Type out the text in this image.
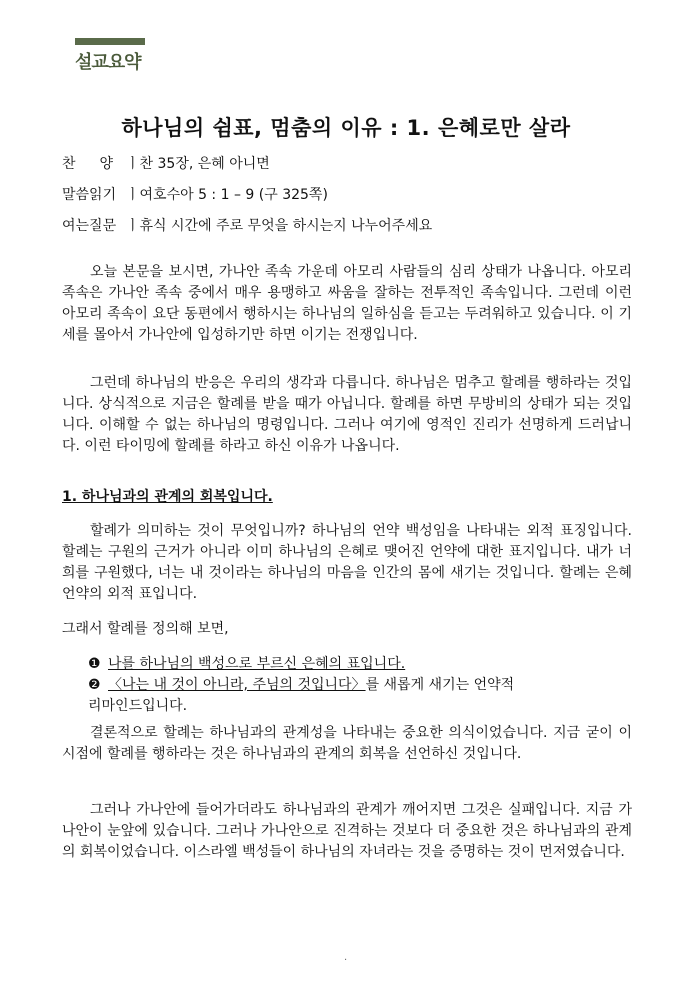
설교요약
하나님의 쉼표, 멈춤의 이유 : 1. 은혜로만 살라
찬양ㅣ찬 35장, 은혜 아니면
말씀읽기 ㅣ여호수아 5 : 1 – 9 (구 325쪽)
여는질문 ㅣ휴식 시간에 주로 무엇을 하시는지 나누어주세요
오늘 본문을 보시면, 가나안 족속 가운데 아모리 사람들의 심리 상태가 나옵니다. 아모리 족속은 가나안 족속 중에서 매우 용맹하고 싸움을 잘하는 전투적인 족속입니다. 그런데 이런 아모리 족속이 요단 동편에서 행하시는 하나님의 일하심을 듣고는 두려워하고 있습니다. 이 기세를 몰아서 가나안에 입성하기만 하면 이기는 전쟁입니다.
그런데 하나님의 반응은 우리의 생각과 다릅니다. 하나님은 멈추고 할례를 행하라는 것입니다. 상식적으로 지금은 할례를 받을 때가 아닙니다. 할례를 하면 무방비의 상태가 되는 것입니다. 이해할 수 없는 하나님의 명령입니다. 그러나 여기에 영적인 진리가 선명하게 드러납니다. 이런 타이밍에 할례를 하라고 하신 이유가 나옵니다.
1. 하나님과의 관계의 회복입니다.
할례가 의미하는 것이 무엇입니까? 하나님의 언약 백성임을 나타내는 외적 표징입니다. 할례는 구원의 근거가 아니라 이미 하나님의 은혜로 맺어진 언약에 대한 표지입니다. 내가 너희를 구원했다, 너는 내 것이라는 하나님의 마음을 인간의 몸에 새기는 것입니다. 할례는 은혜 언약의 외적 표입니다.
그래서 할례를 정의해 보면,
❶ 나를 하나님의 백성으로 부르신 은혜의 표입니다.
❷ 〈나는 내 것이 아니라, 주님의 것입니다〉를 새롭게 새기는 언약적
리마인드입니다.
결론적으로 할례는 하나님과의 관계성을 나타내는 중요한 의식이었습니다. 지금 굳이 이 시점에 할례를 행하라는 것은 하나님과의 관계의 회복을 선언하신 것입니다.
그러나 가나안에 들어가더라도 하나님과의 관계가 깨어지면 그것은 실패입니다. 지금 가나안이 눈앞에 있습니다. 그러나 가나안으로 진격하는 것보다 더 중요한 것은 하나님과의 관계의 회복이었습니다. 이스라엘 백성들이 하나님의 자녀라는 것을 증명하는 것이 먼저였습니다.
.
